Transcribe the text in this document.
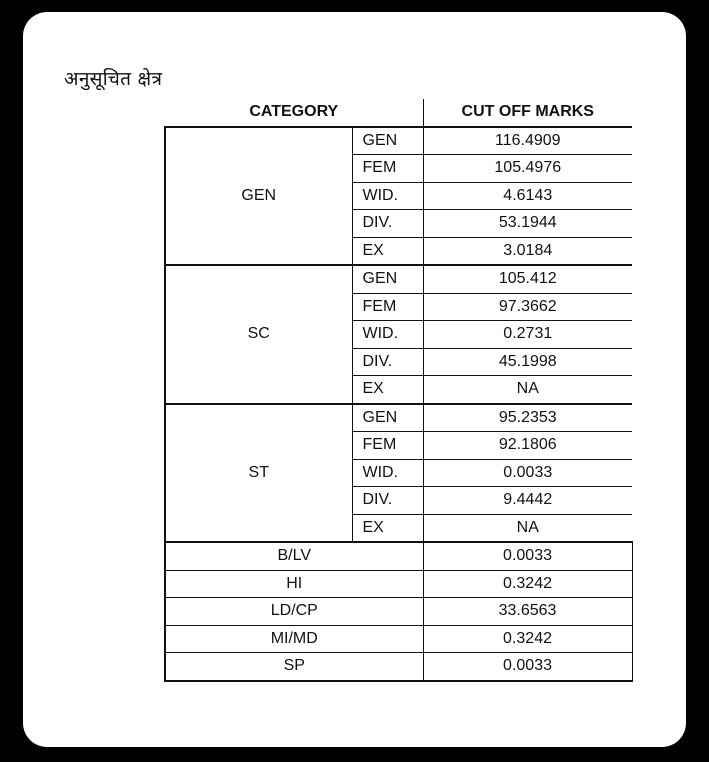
अनुसूचित क्षेत्र
CATEGORY		CUT OFF MARKS
GEN	GEN	116.4909
	FEM	105.4976
	WID.	4.6143
	DIV.	53.1944
	EX	3.0184
SC	GEN	105.412
	FEM	97.3662
	WID.	0.2731
	DIV.	45.1998
	EX	NA
ST	GEN	95.2353
	FEM	92.1806
	WID.	0.0033
	DIV.	9.4442
	EX	NA
B/LV		0.0033
HI		0.3242
LD/CP		33.6563
MI/MD		0.3242
SP		0.0033
